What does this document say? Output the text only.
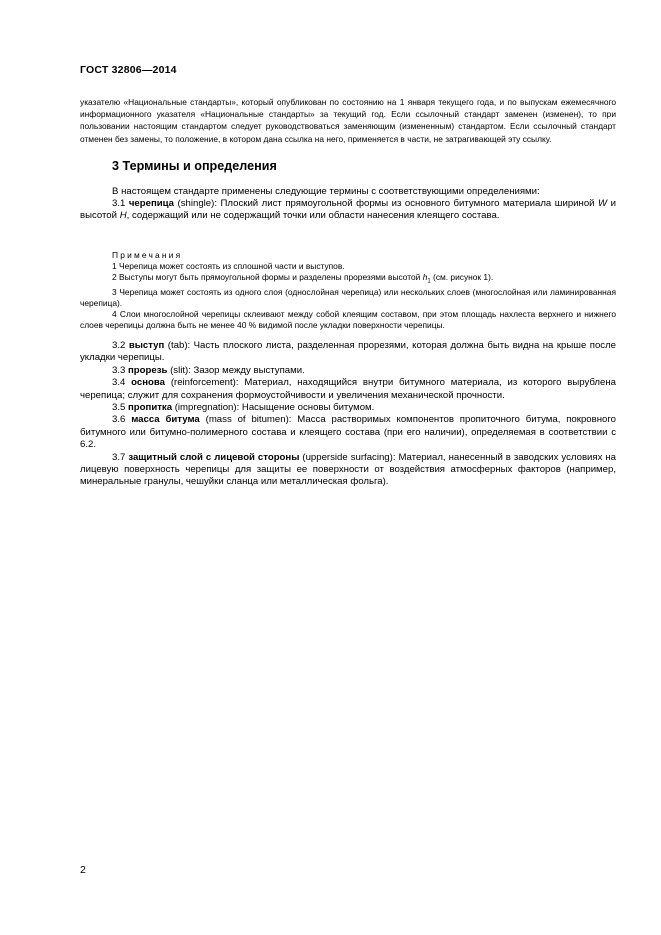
ГОСТ 32806—2014

указателю «Национальные стандарты», который опубликован по состоянию на 1 января текущего года, и по выпускам ежемесячного информационного указателя «Национальные стандарты» за текущий год. Если ссылочный стандарт заменен (изменен), то при пользовании настоящим стандартом следует руководствоваться заменяющим (измененным) стандартом. Если ссылочный стандарт отменен без замены, то положение, в котором дана ссылка на него, применяется в части, не затрагивающей эту ссылку.

3 Термины и определения

В настоящем стандарте применены следующие термины с соответствующими определениями:

3.1 черепица (shingle): Плоский лист прямоугольной формы из основного битумного материала шириной W и высотой H, содержащий или не содержащий точки или области нанесения клеящего состава.

Примечания

1 Черепица может состоять из сплошной части и выступов.

2 Выступы могут быть прямоугольной формы и разделены прорезями высотой $h_1$ (см. рисунок 1).

3 Черепица может состоять из одного слоя (однослойная черепица) или нескольких слоев (многослойная или ламинированная черепица).

4 Слои многослойной черепицы склеивают между собой клеящим составом, при этом площадь нахлеста верхнего и нижнего слоев черепицы должна быть не менее 40 % видимой после укладки поверхности черепицы.

3.2 выступ (tab): Часть плоского листа, разделенная прорезями, которая должна быть видна на крыше после укладки черепицы.

3.3 прорезь (slit): Зазор между выступами.

3.4 основа (reinforcement): Материал, находящийся внутри битумного материала, из которого вырублена черепица; служит для сохранения формоустойчивости и увеличения механической прочности.

3.5 пропитка (impregnation): Насыщение основы битумом.

3.6 масса битума (mass of bitumen): Масса растворимых компонентов пропиточного битума, покровного битумного или битумно-полимерного состава и клеящего состава (при его наличии), определяемая в соответствии с 6.2.

3.7 защитный слой с лицевой стороны (upperside surfacing): Материал, нанесенный в заводских условиях на лицевую поверхность черепицы для защиты ее поверхности от воздействия атмосферных факторов (например, минеральные гранулы, чешуйки сланца или металлическая фольга).

2
